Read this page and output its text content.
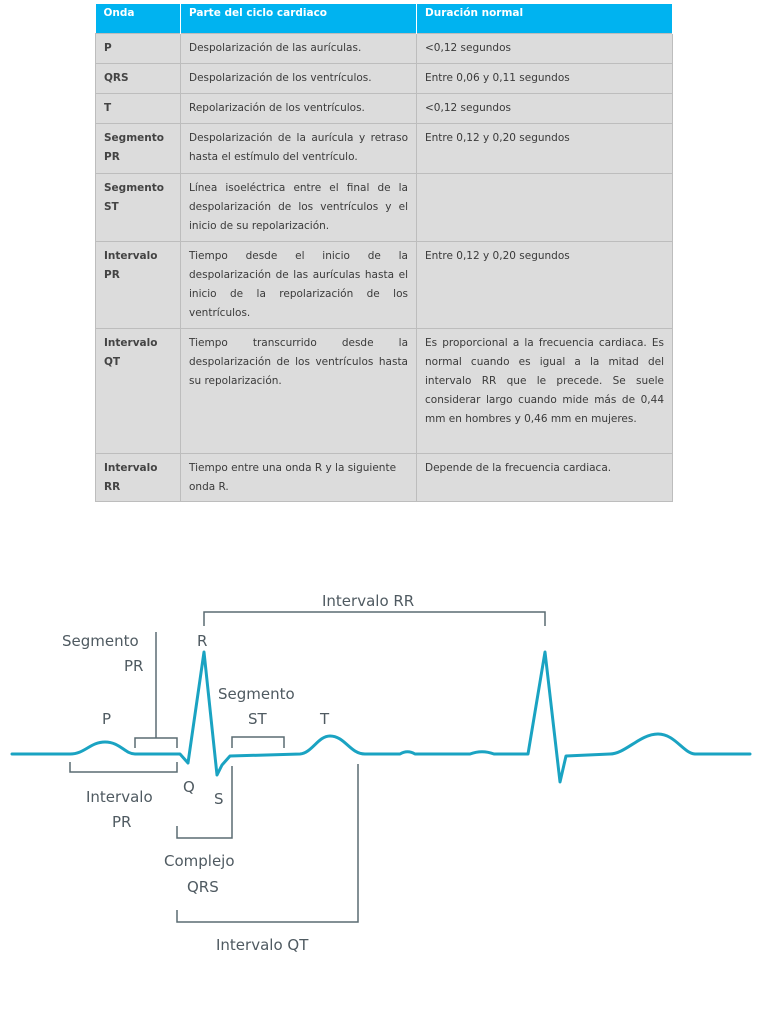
Onda	Parte del ciclo cardiaco	Duración normal
P	Despolarización de las aurículas.	<0,12 segundos
QRS	Despolarización de los ventrículos.	Entre 0,06 y 0,11 segundos
T	Repolarización de los ventrículos.	<0,12 segundos
Segmento PR	Despolarización de la aurícula y retraso hasta el estímulo del ventrículo.	Entre 0,12 y 0,20 segundos
Segmento ST	Línea isoeléctrica entre el final de la despolarización de los ventrículos y el inicio de su repolarización.	
Intervalo PR	Tiempo desde el inicio de la despolarización de las aurículas hasta el inicio de la repolarización de los ventrículos.	Entre 0,12 y 0,20 segundos
Intervalo QT	Tiempo transcurrido desde la despolarización de los ventrículos hasta su repolarización.	Es proporcional a la frecuencia cardiaca. Es normal cuando es igual a la mitad del intervalo RR que le precede. Se suele considerar largo cuando mide más de 0,44 mm en hombres y 0,46 mm en mujeres.
Intervalo RR	Tiempo entre una onda R y la siguiente onda R.	Depende de la frecuencia cardiaca.
Intervalo RR
Segmento
PR
R
Segmento
ST
P	T
Q
S
Intervalo
PR
Complejo
QRS
Intervalo QT
